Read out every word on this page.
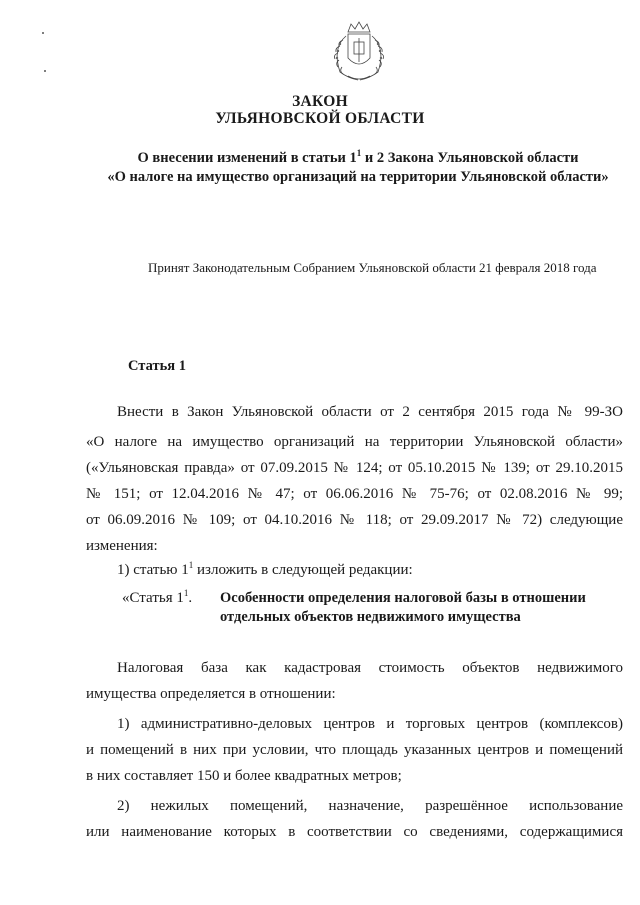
ЗАКОН
УЛЬЯНОВСКОЙ ОБЛАСТИ
О внесении изменений в статьи $1^1$ и 2 Закона Ульяновской области
«О налоге на имущество организаций на территории Ульяновской области»
Принят Законодательным Собранием Ульяновской области 21 февраля 2018 года
Статья 1
Внести в Закон Ульяновской области от 2 сентября 2015 года № 99-ЗО
«О налоге на имущество организаций на территории Ульяновской области»
(«Ульяновская правда» от 07.09.2015 № 124; от 05.10.2015 № 139; от 29.10.2015
№ 151; от 12.04.2016 № 47; от 06.06.2016 № 75-76; от 02.08.2016 № 99;
от 06.09.2016 № 109; от 04.10.2016 № 118; от 29.09.2017 № 72) следующие
изменения:
1) статью $1^1$ изложить в следующей редакции:
«Статья $1^1$. Особенности определения налоговой базы в отношении
отдельных объектов недвижимого имущества
Налоговая база как кадастровая стоимость объектов недвижимого
имущества определяется в отношении:
1) административно-деловых центров и торговых центров (комплексов)
и помещений в них при условии, что площадь указанных центров и помещений
в них составляет 150 и более квадратных метров;
2) нежилых помещений, назначение, разрешённое использование
или наименование которых в соответствии со сведениями, содержащимися
